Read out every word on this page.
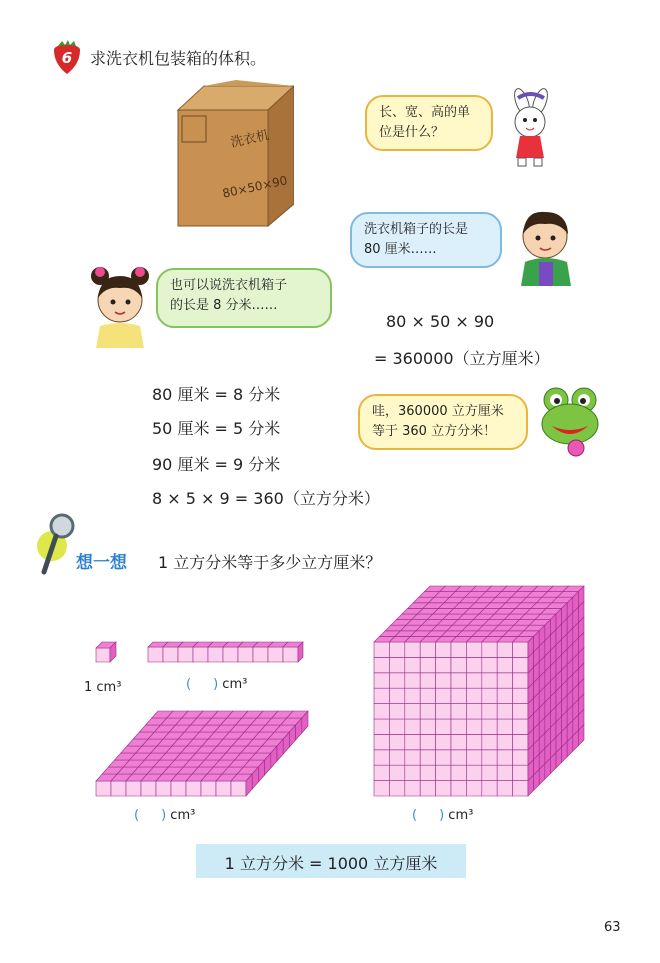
6	求洗衣机包装箱的体积。
洗衣机
80×50×90
长、宽、高的单
位是什么？
洗衣机箱子的长是
80 厘米……
也可以说洗衣机箱子
的长是 8 分米……
80 × 50 × 90
= 360000（立方厘米）
80 厘米 = 8 分米
50 厘米 = 5 分米
90 厘米 = 9 分米
8 × 5 × 9 = 360（立方分米）
哇，360000 立方厘米
等于 360 立方分米！
想一想 1 立方分米等于多少立方厘米？
1 cm³	( ) cm³
( ) cm³	( ) cm³
1 立方分米 = 1000 立方厘米
63
